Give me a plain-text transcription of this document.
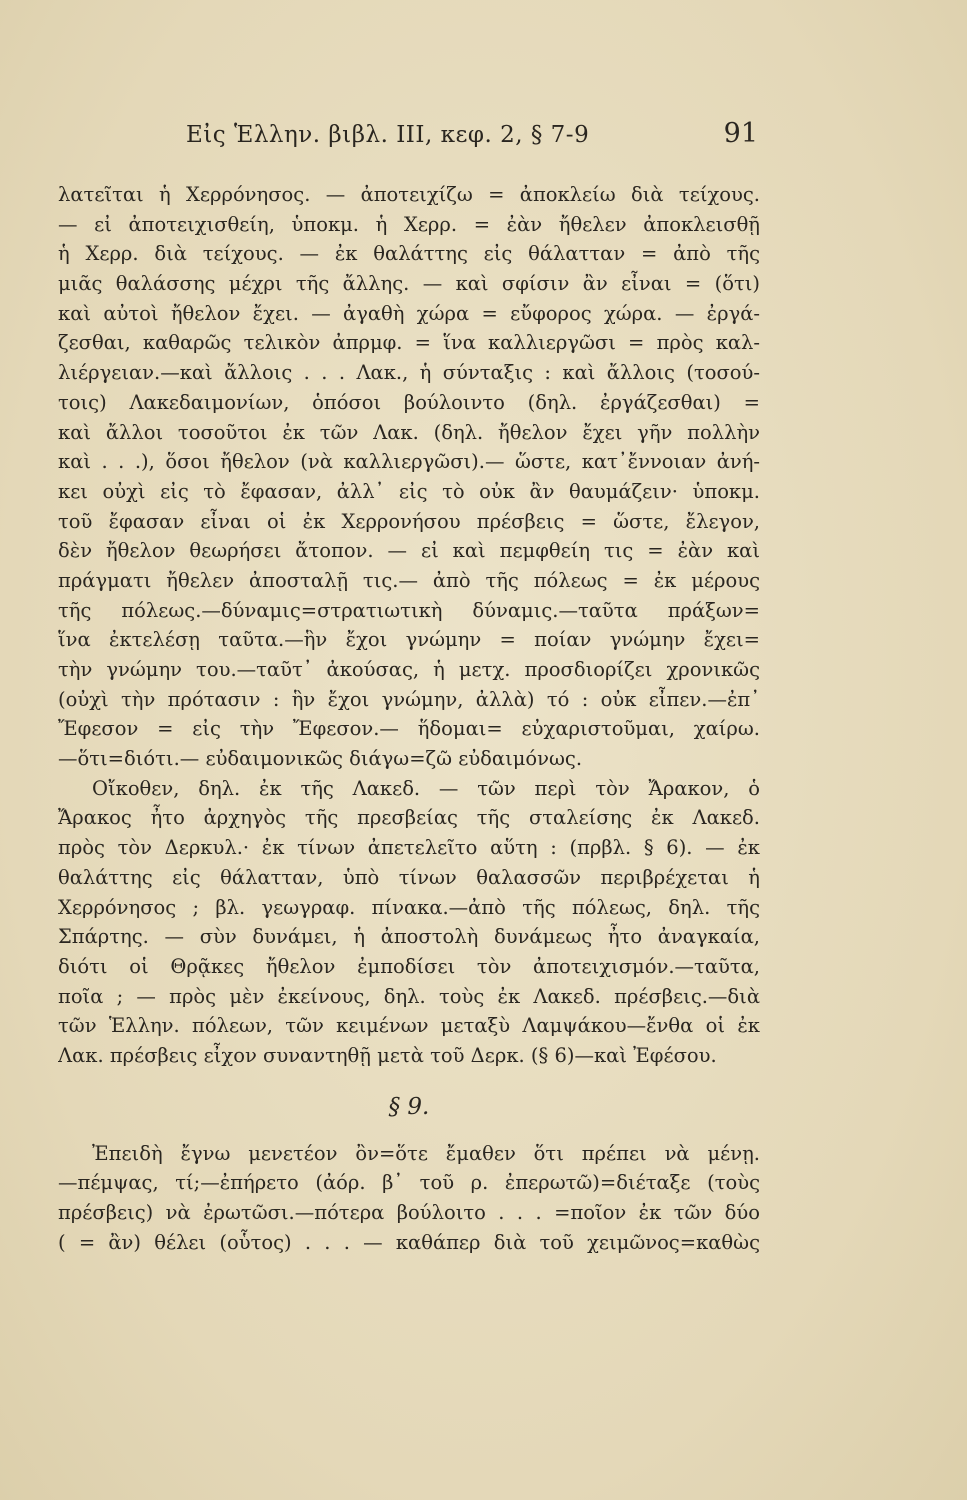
Εἰς Ἑλλην. βιβλ. ΙΙΙ, κεφ. 2, § 7-9	91
λατεῖται ἡ Χερρόνησος. — ἀποτειχίζω = ἀποκλείω διὰ τείχους.
— εἰ ἀποτειχισθείη, ὑποκμ. ἡ Χερρ. = ἐὰν ἤθελεν ἀποκλεισθῇ
ἡ Χερρ. διὰ τείχους. — ἐκ θαλάττης εἰς θάλατταν = ἀπὸ τῆς
μιᾶς θαλάσσης μέχρι τῆς ἄλλης. — καὶ σφίσιν ἂν εἶναι = (ὅτι)
καὶ αὐτοὶ ἤθελον ἔχει. — ἀγαθὴ χώρα = εὔφορος χώρα. — ἐργά-
ζεσθαι, καθαρῶς τελικὸν ἀπρμφ. = ἵνα καλλιεργῶσι = πρὸς καλ-
λιέργειαν.—καὶ ἄλλοις . . . Λακ., ἡ σύνταξις : καὶ ἄλλοις (τοσού-
τοις) Λακεδαιμονίων, ὁπόσοι βούλοιντο (δηλ. ἐργάζεσθαι) =
καὶ ἄλλοι τοσοῦτοι ἐκ τῶν Λακ. (δηλ. ἤθελον ἔχει γῆν πολλὴν
καὶ . . .), ὅσοι ἤθελον (νὰ καλλιεργῶσι).— ὥστε, κατ᾽ἔννοιαν ἀνή-
κει οὐχὶ εἰς τὸ ἔφασαν, ἀλλ᾽ εἰς τὸ οὐκ ἂν θαυμάζειν· ὑποκμ.
τοῦ ἔφασαν εἶναι οἱ ἐκ Χερρονήσου πρέσβεις = ὥστε, ἔλεγον,
δὲν ἤθελον θεωρήσει ἄτοπον. — εἰ καὶ πεμφθείη τις = ἐὰν καὶ
πράγματι ἤθελεν ἀποσταλῇ τις.— ἀπὸ τῆς πόλεως = ἐκ μέρους
τῆς πόλεως.—δύναμις=στρατιωτικὴ δύναμις.—ταῦτα πράξων=
ἵνα ἐκτελέσῃ ταῦτα.—ἣν ἔχοι γνώμην = ποίαν γνώμην ἔχει=
τὴν γνώμην του.—ταῦτ᾽ ἀκούσας, ἡ μετχ. προσδιορίζει χρονικῶς
(οὐχὶ τὴν πρότασιν : ἣν ἔχοι γνώμην, ἀλλὰ) τό : οὐκ εἶπεν.—ἐπ᾽
Ἔφεσον = εἰς τὴν Ἔφεσον.— ἥδομαι= εὐχαριστοῦμαι, χαίρω.
—ὅτι=διότι.— εὐδαιμονικῶς διάγω=ζῶ εὐδαιμόνως.
Οἴκοθεν, δηλ. ἐκ τῆς Λακεδ. — τῶν περὶ τὸν Ἄρακον, ὁ
Ἄρακος ἦτο ἀρχηγὸς τῆς πρεσβείας τῆς σταλείσης ἐκ Λακεδ.
πρὸς τὸν Δερκυλ.· ἐκ τίνων ἀπετελεῖτο αὕτη : (πρβλ. § 6). — ἐκ
θαλάττης εἰς θάλατταν, ὑπὸ τίνων θαλασσῶν περιβρέχεται ἡ
Χερρόνησος ; βλ. γεωγραφ. πίνακα.—ἀπὸ τῆς πόλεως, δηλ. τῆς
Σπάρτης. — σὺν δυνάμει, ἡ ἀποστολὴ δυνάμεως ἦτο ἀναγκαία,
διότι οἱ Θρᾷκες ἤθελον ἐμποδίσει τὸν ἀποτειχισμόν.—ταῦτα,
ποῖα ; — πρὸς μὲν ἐκείνους, δηλ. τοὺς ἐκ Λακεδ. πρέσβεις.—διὰ
τῶν Ἑλλην. πόλεων, τῶν κειμένων μεταξὺ Λαμψάκου—ἔνθα οἱ ἐκ
Λακ. πρέσβεις εἶχον συναντηθῇ μετὰ τοῦ Δερκ. (§ 6)—καὶ Ἐφέσου.
§ 9.
Ἐπειδὴ ἔγνω μενετέον ὂν=ὅτε ἔμαθεν ὅτι πρέπει νὰ μένῃ.
—πέμψας, τί;—ἐπήρετο (ἀόρ. β᾽ τοῦ ρ. ἐπερωτῶ)=διέταξε (τοὺς
πρέσβεις) νὰ ἐρωτῶσι.—πότερα βούλοιτο . . . =ποῖον ἐκ τῶν δύο
( = ἂν) θέλει (οὗτος) . . . — καθάπερ διὰ τοῦ χειμῶνος=καθὼς
